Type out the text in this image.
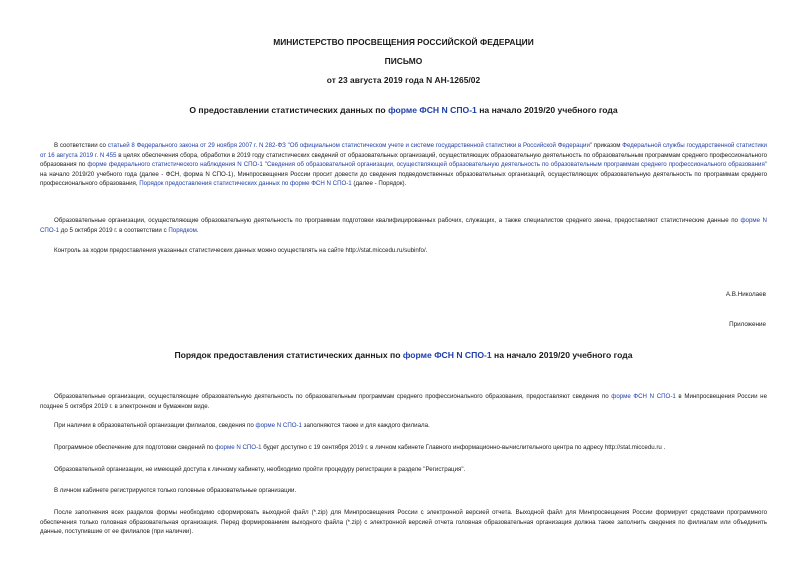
МИНИСТЕРСТВО ПРОСВЕЩЕНИЯ РОССИЙСКОЙ ФЕДЕРАЦИИ
ПИСЬМО
от 23 августа 2019 года N АН-1265/02
О предоставлении статистических данных по форме ФСН N СПО-1 на начало 2019/20 учебного года

В соответствии со статьей 8 Федерального закона от 29 ноября 2007 г. N 282-ФЗ "Об официальном статистическом учете и системе государственной статистики в Российской Федерации" приказом Федеральной службы государственной статистики от 16 августа 2019 г. N 455 в целях обеспечения сбора, обработки в 2019 году статистических сведений от образовательных организаций, осуществляющих образовательную деятельность по образовательным программам среднего профессионального образования по форме федерального статистического наблюдения N СПО-1 "Сведения об образовательной организации, осуществляющей образовательную деятельность по образовательным программам среднего профессионального образования" на начало 2019/20 учебного года (далее - ФСН, форма N СПО-1), Минпросвещения России просит довести до сведения подведомственных образовательных организаций, осуществляющих образовательную деятельность по программам среднего профессионального образования, Порядок предоставления статистических данных по форме ФСН N СПО-1 (далее - Порядок).

Образовательные организации, осуществляющие образовательную деятельность по программам подготовки квалифицированных рабочих, служащих, а также специалистов среднего звена, предоставляют статистические данные по форме N СПО-1 до 5 октября 2019 г. в соответствии с Порядком.

Контроль за ходом предоставления указанных статистических данных можно осуществлять на сайте http://stat.miccedu.ru/subinfo/.

А.В.Николаев
Приложение
Порядок предоставления статистических данных по форме ФСН N СПО-1 на начало 2019/20 учебного года

Образовательные организации, осуществляющие образовательную деятельность по образовательным программам среднего профессионального образования, предоставляют сведения по форме ФСН N СПО-1 в Минпросвещения России не позднее 5 октября 2019 г. в электронном и бумажном виде.

При наличии в образовательной организации филиалов, сведения по форме N СПО-1 заполняются также и для каждого филиала.

Программное обеспечение для подготовки сведений по форме N СПО-1 будет доступно с 19 сентября 2019 г. в личном кабинете Главного информационно-вычислительного центра по адресу http://stat.miccedu.ru .

Образовательной организации, не имеющей доступа к личному кабинету, необходимо пройти процедуру регистрации в разделе "Регистрация".

В личном кабинете регистрируются только головные образовательные организации.

После заполнения всех разделов формы необходимо сформировать выходной файл (*.zip) для Минпросвещения России с электронной версией отчета. Выходной файл для Минпросвещения России формирует средствами программного обеспечения только головная образовательная организация. Перед формированием выходного файла (*.zip) с электронной версией отчета головная образовательная организация должна также заполнить сведения по филиалам или объединить данные, поступившие от ее филиалов (при наличии).
